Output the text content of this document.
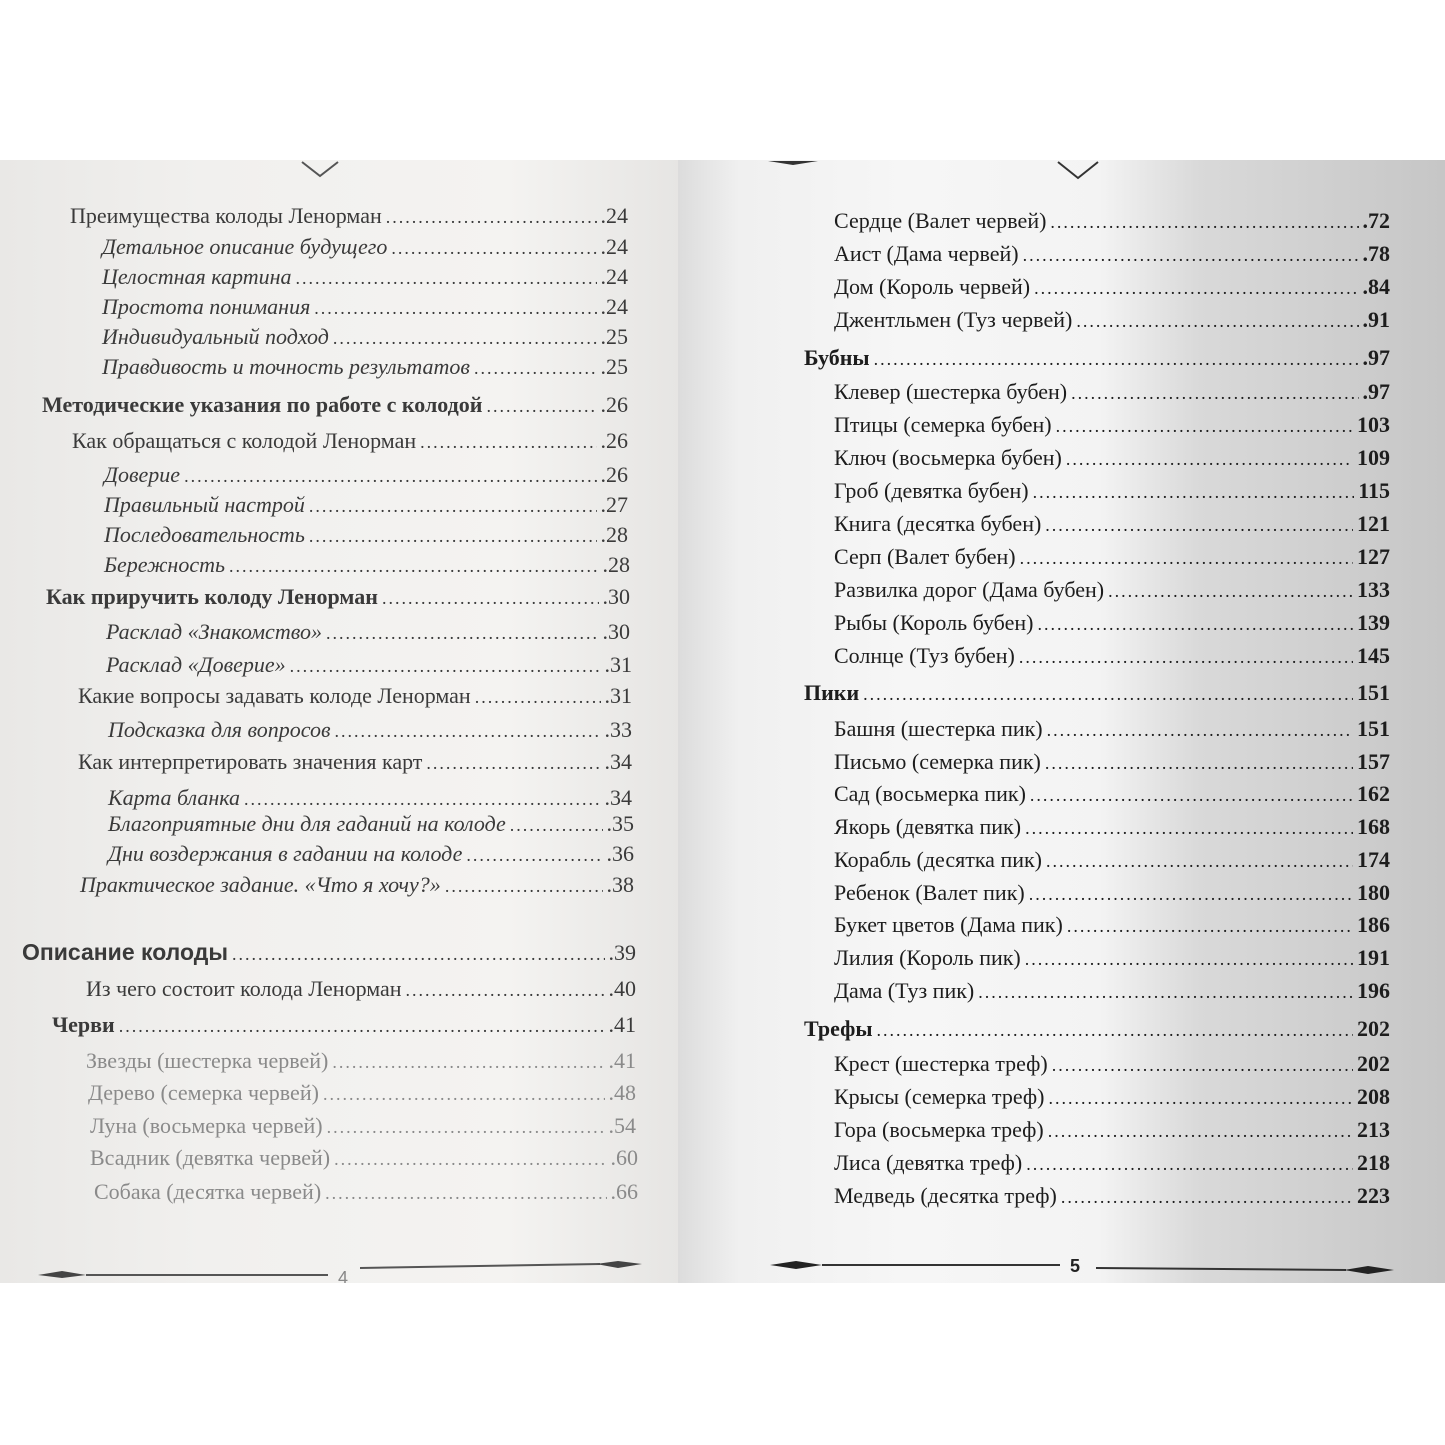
Преимущества колоды Ленорман .....	.24
Детальное описание будущего .....	.24
Целостная картина .....	.24
Простота понимания .....	.24
Индивидуальный подход .....	.25
Правдивость и точность результатов .....	.25
Методические указания по работе с колодой .....	.26
Как обращаться с колодой Ленорман .....	.26
Доверие .....	.26
Правильный настрой .....	.27
Последовательность .....	.28
Бережность .....	.28
Как приручить колоду Ленорман .....	.30
Расклад «Знакомство» .....	.30
Расклад «Доверие» .....	.31
Какие вопросы задавать колоде Ленорман .....	.31
Подсказка для вопросов .....	.33
Как интерпретировать значения карт .....	.34
Карта бланка .....	.34
Благоприятные дни для гаданий на колоде .....	.35
Дни воздержания в гадании на колоде .....	.36
Практическое задание. «Что я хочу?» .....	.38
Описание колоды .....	.39
Из чего состоит колода Ленорман .....	.40
Черви .....	.41
Звезды (шестерка червей) .....	.41
Дерево (семерка червей) .....	.48
Луна (восьмерка червей) .....	.54
Всадник (девятка червей) .....	.60
Собака (десятка червей) .....	.66
4
Сердце (Валет червей) .....	.72
Аист (Дама червей) .....	.78
Дом (Король червей) .....	.84
Джентльмен (Туз червей) .....	.91
Бубны .....	.97
Клевер (шестерка бубен) .....	.97
Птицы (семерка бубен) .....	103
Ключ (восьмерка бубен) .....	109
Гроб (девятка бубен) .....	115
Книга (десятка бубен) .....	121
Серп (Валет бубен) .....	127
Развилка дорог (Дама бубен) .....	133
Рыбы (Король бубен) .....	139
Солнце (Туз бубен) .....	145
Пики .....	151
Башня (шестерка пик) .....	151
Письмо (семерка пик) .....	157
Сад (восьмерка пик) .....	162
Якорь (девятка пик) .....	168
Корабль (десятка пик) .....	174
Ребенок (Валет пик) .....	180
Букет цветов (Дама пик) .....	186
Лилия (Король пик) .....	191
Дама (Туз пик) .....	196
Трефы .....	202
Крест (шестерка треф) .....	202
Крысы (семерка треф) .....	208
Гора (восьмерка треф) .....	213
Лиса (девятка треф) .....	218
Медведь (десятка треф) .....	223
5
